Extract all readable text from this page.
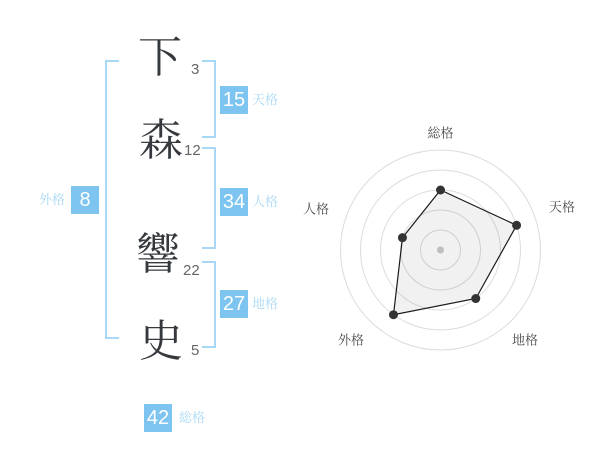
下
森
響
史
3
12
22
5
外格 8
15 天格
34 人格
27 地格
42 総格
総格
天格
地格
外格
人格
